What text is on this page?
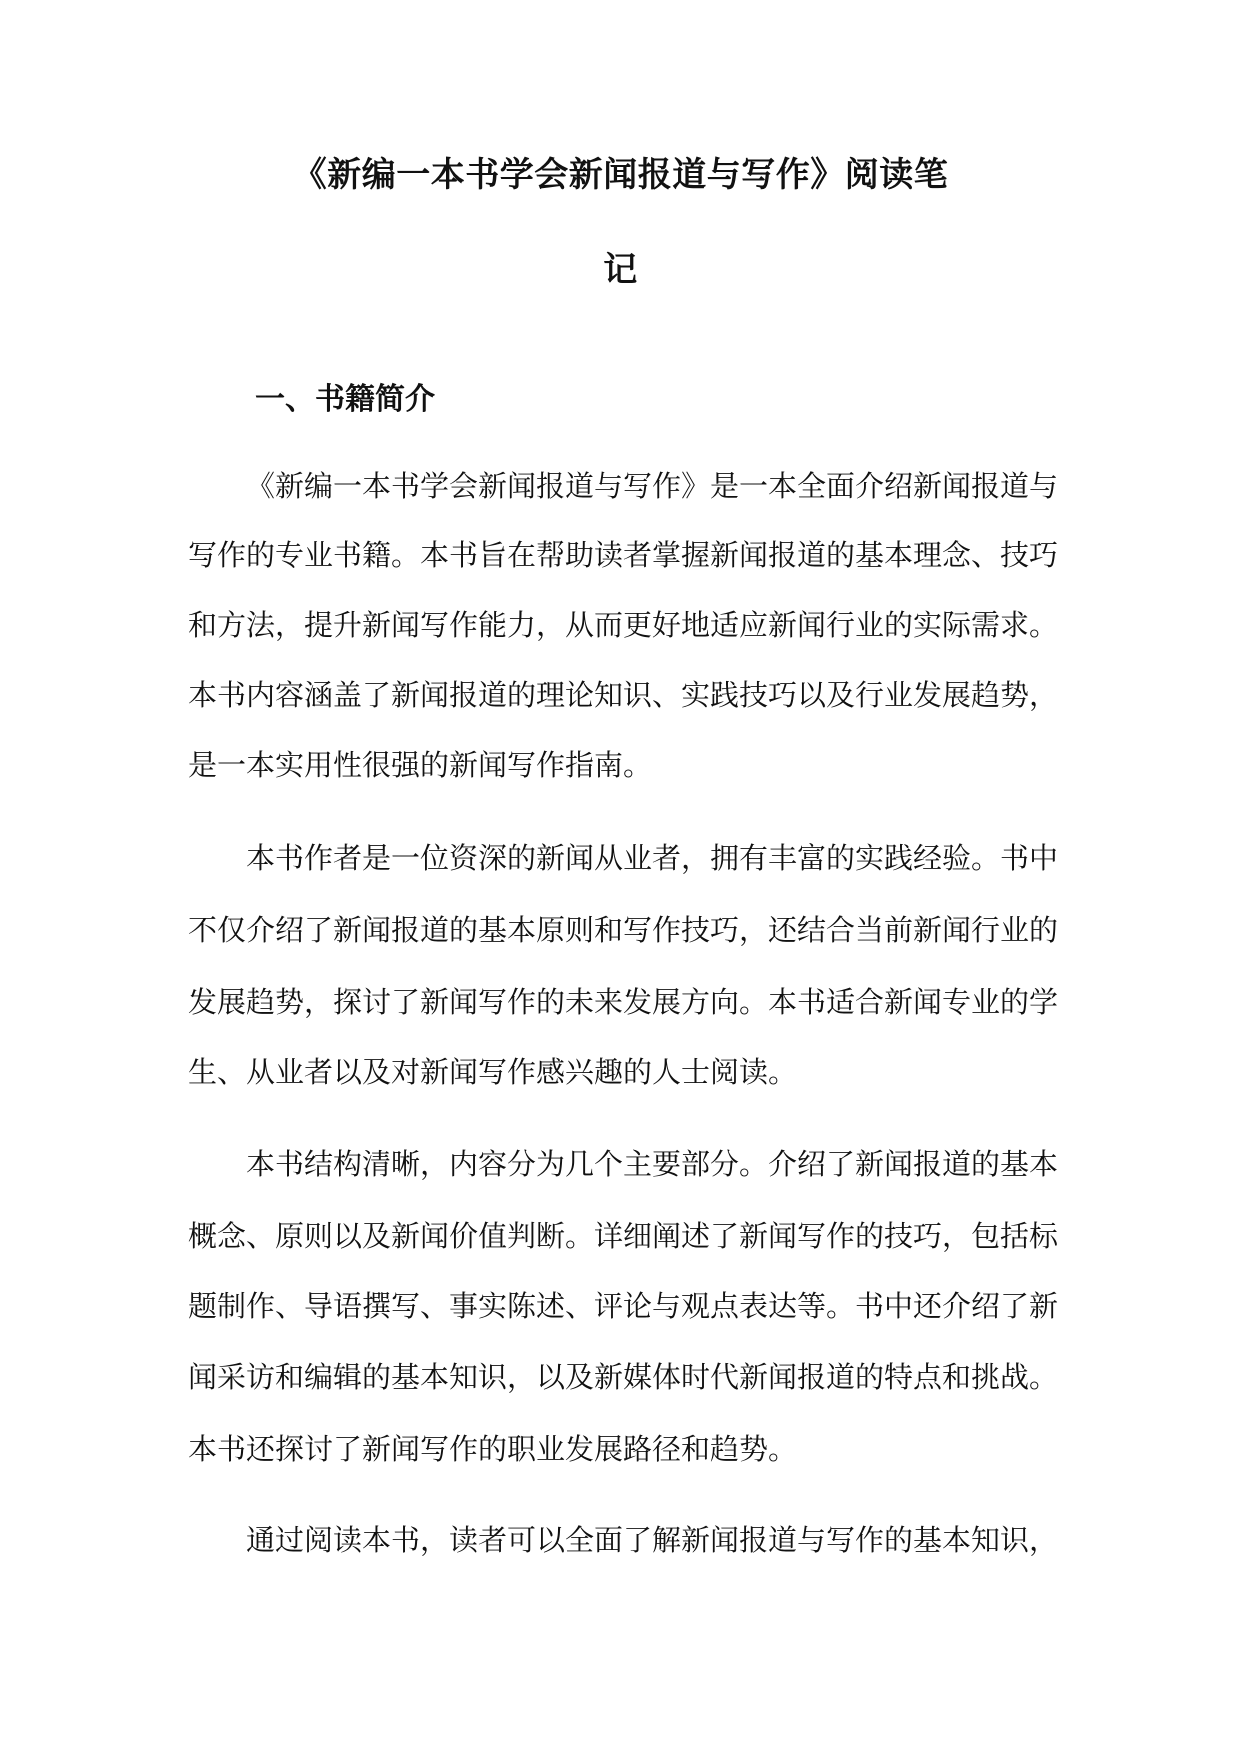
《新编一本书学会新闻报道与写作》阅读笔
记
一、书籍简介
《新编一本书学会新闻报道与写作》是一本全面介绍新闻报道与
写作的专业书籍。本书旨在帮助读者掌握新闻报道的基本理念、技巧
和方法，提升新闻写作能力，从而更好地适应新闻行业的实际需求。
本书内容涵盖了新闻报道的理论知识、实践技巧以及行业发展趋势，
是一本实用性很强的新闻写作指南。
本书作者是一位资深的新闻从业者，拥有丰富的实践经验。书中
不仅介绍了新闻报道的基本原则和写作技巧，还结合当前新闻行业的
发展趋势，探讨了新闻写作的未来发展方向。本书适合新闻专业的学
生、从业者以及对新闻写作感兴趣的人士阅读。
本书结构清晰，内容分为几个主要部分。介绍了新闻报道的基本
概念、原则以及新闻价值判断。详细阐述了新闻写作的技巧，包括标
题制作、导语撰写、事实陈述、评论与观点表达等。书中还介绍了新
闻采访和编辑的基本知识，以及新媒体时代新闻报道的特点和挑战。
本书还探讨了新闻写作的职业发展路径和趋势。
通过阅读本书，读者可以全面了解新闻报道与写作的基本知识，
